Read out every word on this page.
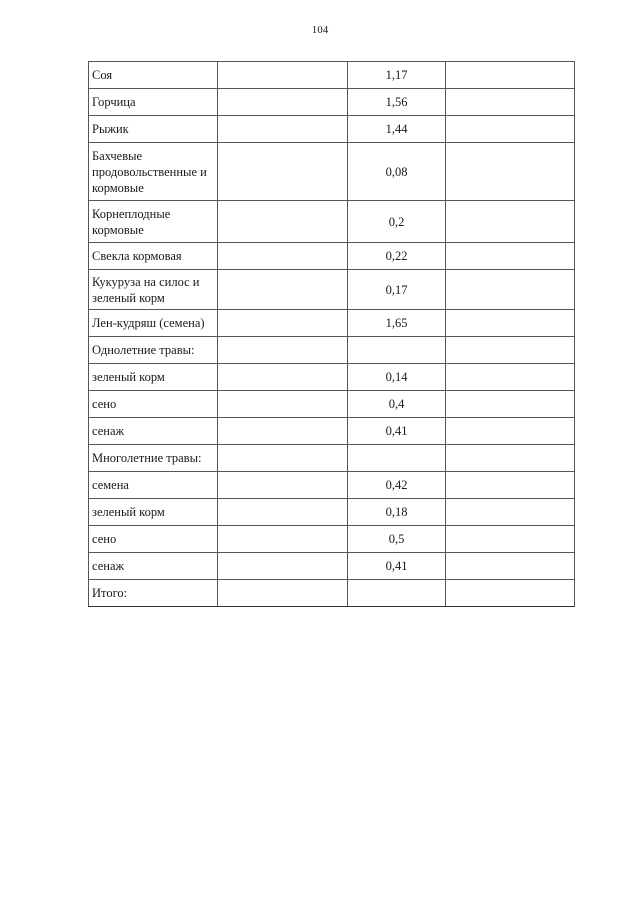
104
Соя		1,17	
Горчица		1,56	
Рыжик		1,44	
Бахчевые продовольственные и кормовые		0,08	
Корнеплодные кормовые		0,2	
Свекла кормовая		0,22	
Кукуруза на силос и зеленый корм		0,17	
Лен-кудряш (семена)		1,65	
Однолетние травы:			
зеленый корм		0,14	
сено		0,4	
сенаж		0,41	
Многолетние травы:			
семена		0,42	
зеленый корм		0,18	
сено		0,5	
сенаж		0,41	
Итого:			
